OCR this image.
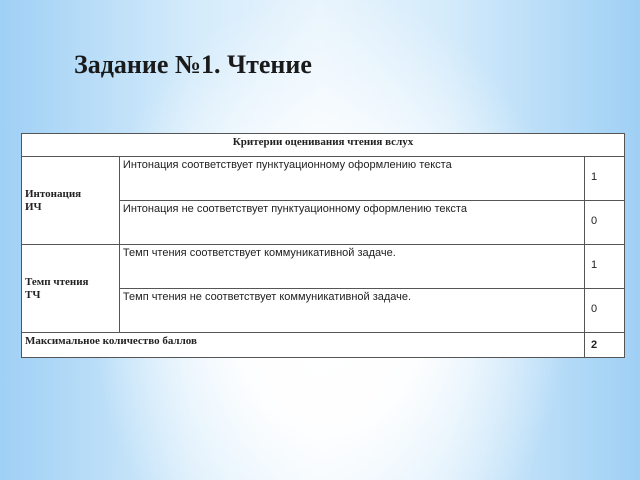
Задание №1. Чтение
Критерии оценивания чтения вслух		

Интонация
ИЧ	Интонация соответствует пунктуационному оформлению текста	1
	Интонация не соответствует пунктуационному оформлению текста	0

Темп чтения
ТЧ	Темп чтения соответствует коммуникативной задаче.	1
	Темп чтения не соответствует коммуникативной задаче.	0
Максимальное количество баллов		2
